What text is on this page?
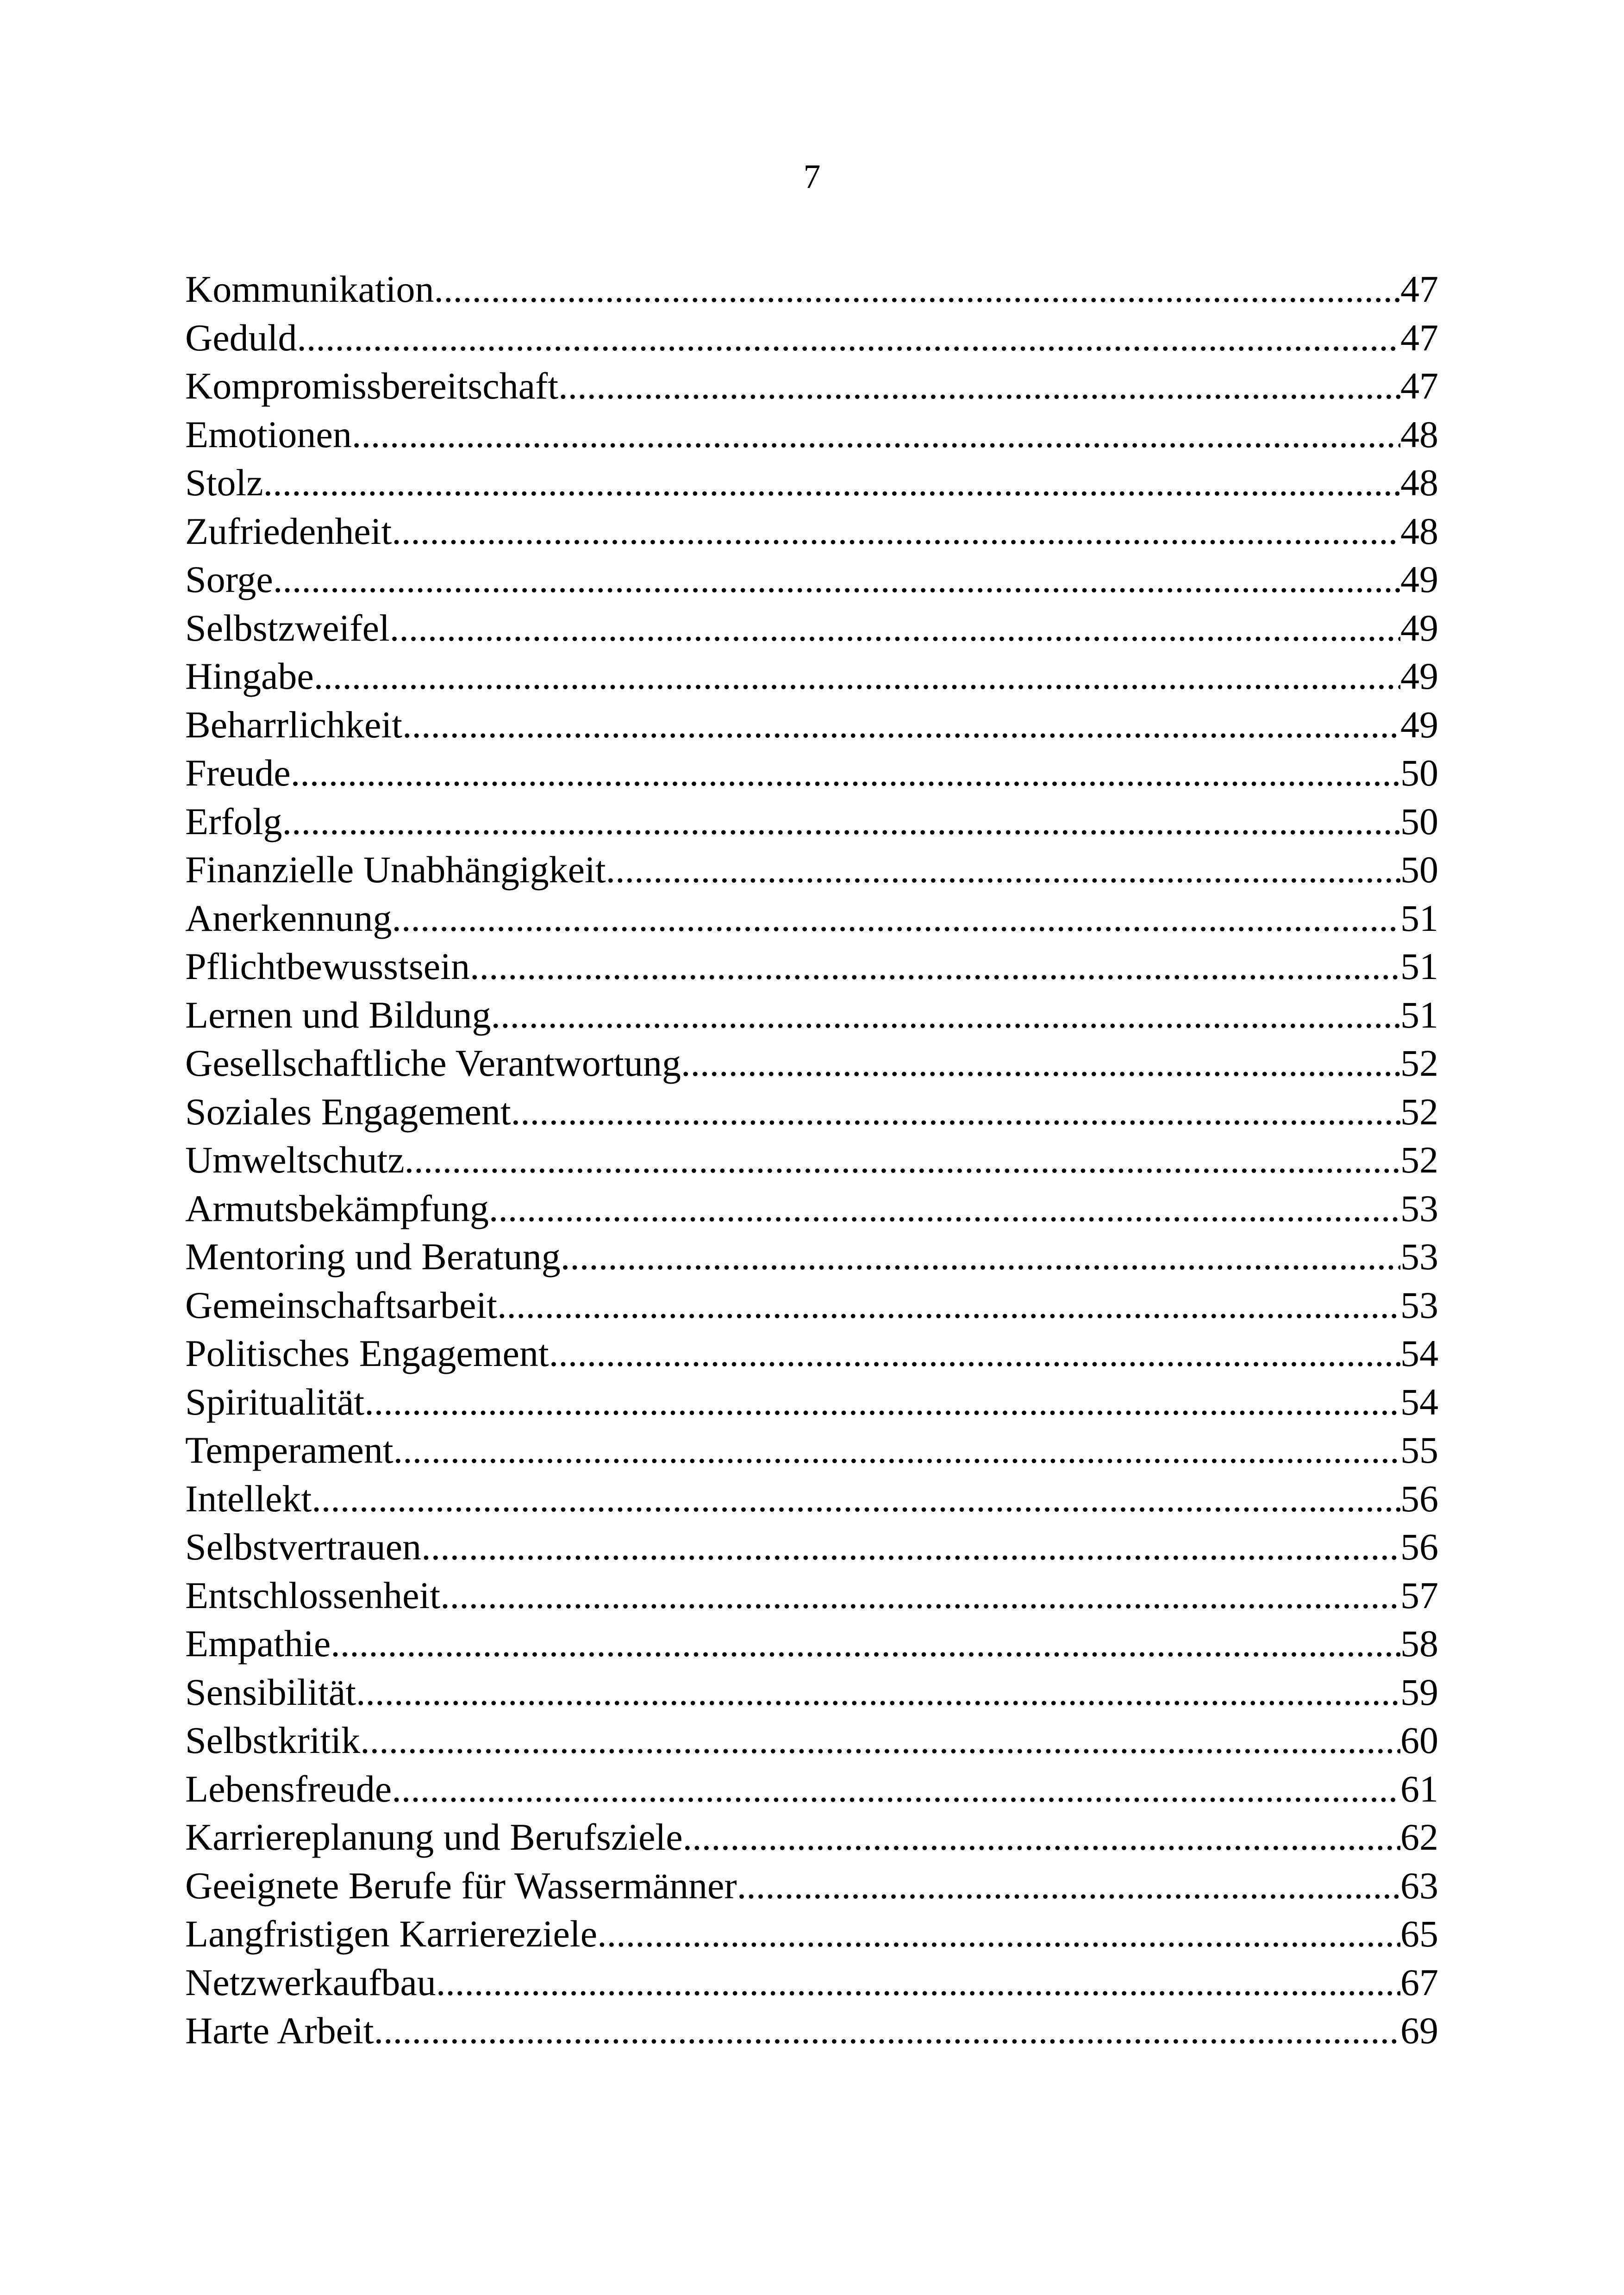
7
Kommunikation .....	47
Geduld .....	47
Kompromissbereitschaft .....	47
Emotionen .....	48
Stolz .....	48
Zufriedenheit .....	48
Sorge .....	49
Selbstzweifel .....	49
Hingabe .....	49
Beharrlichkeit .....	49
Freude .....	50
Erfolg .....	50
Finanzielle Unabhängigkeit .....	50
Anerkennung .....	51
Pflichtbewusstsein .....	51
Lernen und Bildung .....	51
Gesellschaftliche Verantwortung .....	52
Soziales Engagement .....	52
Umweltschutz .....	52
Armutsbekämpfung .....	53
Mentoring und Beratung .....	53
Gemeinschaftsarbeit .....	53
Politisches Engagement .....	54
Spiritualität .....	54
Temperament .....	55
Intellekt .....	56
Selbstvertrauen .....	56
Entschlossenheit .....	57
Empathie .....	58
Sensibilität .....	59
Selbstkritik .....	60
Lebensfreude .....	61
Karriereplanung und Berufsziele .....	62
Geeignete Berufe für Wassermänner .....	63
Langfristigen Karriereziele .....	65
Netzwerkaufbau .....	67
Harte Arbeit .....	69
